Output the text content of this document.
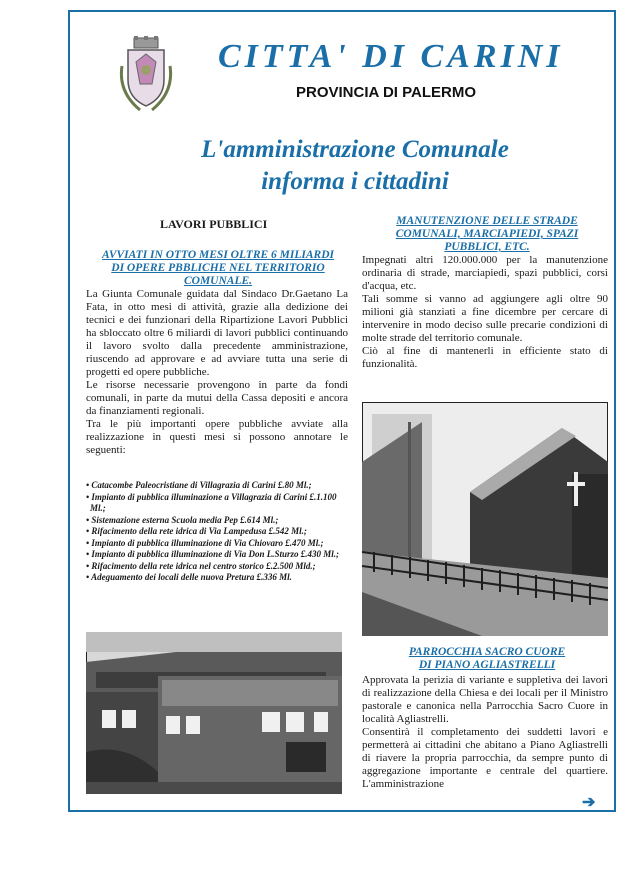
CITTA' DI CARINI
PROVINCIA DI PALERMO
L'amministrazione Comunale
informa i cittadini
LAVORI PUBBLICI
AVVIATI IN OTTO MESI OLTRE 6 MILIARDI
DI OPERE PBBLICHE NEL TERRITORIO
COMUNALE.

La Giunta Comunale guidata dal Sindaco Dr.Gaetano La Fata, in otto mesi di attività, grazie alla dedizione dei tecnici e dei funzionari della Ripartizione Lavori Pubblici ha sbloccato oltre 6 miliardi di lavori pubblici continuando il lavoro svolto dalla precedente amministrazione, riuscendo ad approvare e ad avviare tutta una serie di progetti ed opere pubbliche.

Le risorse necessarie provengono in parte da fondi comunali, in parte da mutui della Cassa depositi e ancora da finanziamenti regionali.

Tra le più importanti opere pubbliche avviate alla realizzazione in questi mesi si possono annotare le seguenti:

• Catacombe Paleocristiane di Villagrazia di Carini £.80 Ml.;
• Impianto di pubblica illuminazione a Villagrazia di Carini £.1.100 Ml.;
• Sistemazione esterna Scuola media Pep £.614 Ml.;
• Rifacimento della rete idrica di Via Lampedusa £.542 Ml.;
• Impianto di pubblica illuminazione di Via Chiovaro £.470 Ml.;
• Impianto di pubblica illuminazione di Via Don L.Sturzo £.430 Ml.;
• Rifacimento della rete idrica nel centro storico £.2.500 Mld.;
• Adeguamento dei locali delle nuova Pretura £.336 Ml.
MANUTENZIONE DELLE STRADE
COMUNALI, MARCIAPIEDI, SPAZI
PUBBLICI, ETC.

Impegnati altri 120.000.000 per la manutenzione ordinaria di strade, marciapiedi, spazi pubblici, corsi d'acqua, etc.

Tali somme si vanno ad aggiungere agli oltre 90 milioni già stanziati a fine dicembre per cercare di intervenire in modo deciso sulle precarie condizioni di molte strade del territorio comunale.

Ciò al fine di mantenerli in efficiente stato di funzionalità.

PARROCCHIA SACRO CUORE
DI PIANO AGLIASTRELLI

Approvata la perizia di variante e suppletiva dei lavori di realizzazione della Chiesa e dei locali per il Ministro pastorale e canonica nella Parrocchia Sacro Cuore in località Agliastrelli.

Consentirà il completamento dei suddetti lavori e permetterà ai cittadini che abitano a Piano Agliastrelli di riavere la propria parrocchia, da sempre punto di aggregazione importante e centrale del quartiere. L'amministrazione

➔
